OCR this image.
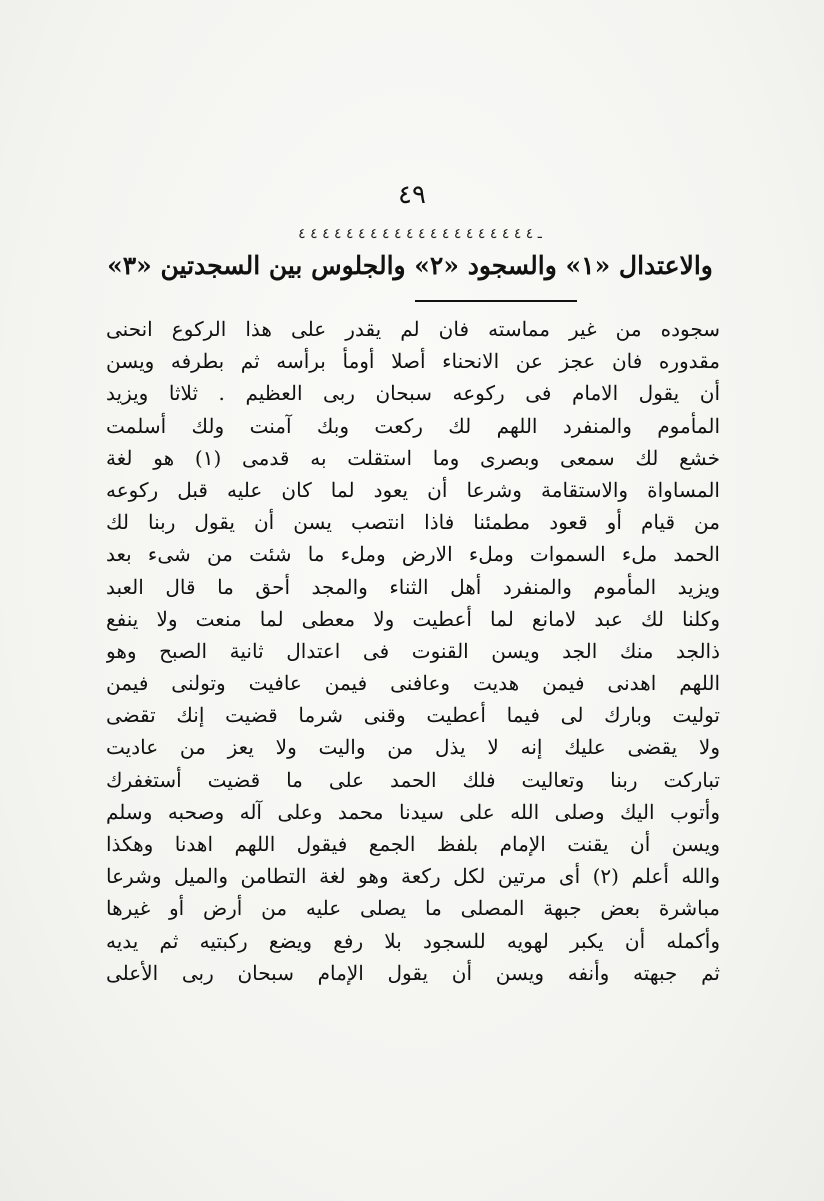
٤٩
ـ ٤ ٤ ٤ ٤ ٤ ٤ ٤ ٤ ٤ ٤ ٤ ٤ ٤ ٤ ٤ ٤ ٤ ٤ ٤ ٤
والاعتدال «١» والسجود «٢» والجلوس بين السجدتين «٣»
سجوده من غير مماسته فان لم يقدر على هذا الركوع انحنى
مقدوره فان عجز عن الانحناء أصلا أومأ برأسه ثم بطرفه ويسن
أن يقول الامام فى ركوعه سبحان ربى العظيم . ثلاثا ويزيد
المأموم والمنفرد اللهم لك ركعت وبك آمنت ولك أسلمت
خشع لك سمعى وبصرى وما استقلت به قدمى (١) هو لغة
المساواة والاستقامة وشرعا أن يعود لما كان عليه قبل ركوعه
من قيام أو قعود مطمئنا فاذا انتصب يسن أن يقول ربنا لك
الحمد ملء السموات وملء الارض وملء ما شئت من شىء بعد
ويزيد المأموم والمنفرد أهل الثناء والمجد أحق ما قال العبد
وكلنا لك عبد لامانع لما أعطيت ولا معطى لما منعت ولا ينفع
ذالجد منك الجد ويسن القنوت فى اعتدال ثانية الصبح وهو
اللهم اهدنى فيمن هديت وعافنى فيمن عافيت وتولنى فيمن
توليت وبارك لى فيما أعطيت وقنى شرما قضيت إنك تقضى
ولا يقضى عليك إنه لا يذل من واليت ولا يعز من عاديت
تباركت ربنا وتعاليت فلك الحمد على ما قضيت أستغفرك
وأتوب اليك وصلى الله على سيدنا محمد وعلى آله وصحبه وسلم
ويسن أن يقنت الإمام بلفظ الجمع فيقول اللهم اهدنا وهكذا
والله أعلم (٢) أى مرتين لكل ركعة وهو لغة التطامن والميل وشرعا
مباشرة بعض جبهة المصلى ما يصلى عليه من أرض أو غيرها
وأكمله أن يكبر لهويه للسجود بلا رفع ويضع ركبتيه ثم يديه
ثم جبهته وأنفه ويسن أن يقول الإمام سبحان ربى الأعلى
